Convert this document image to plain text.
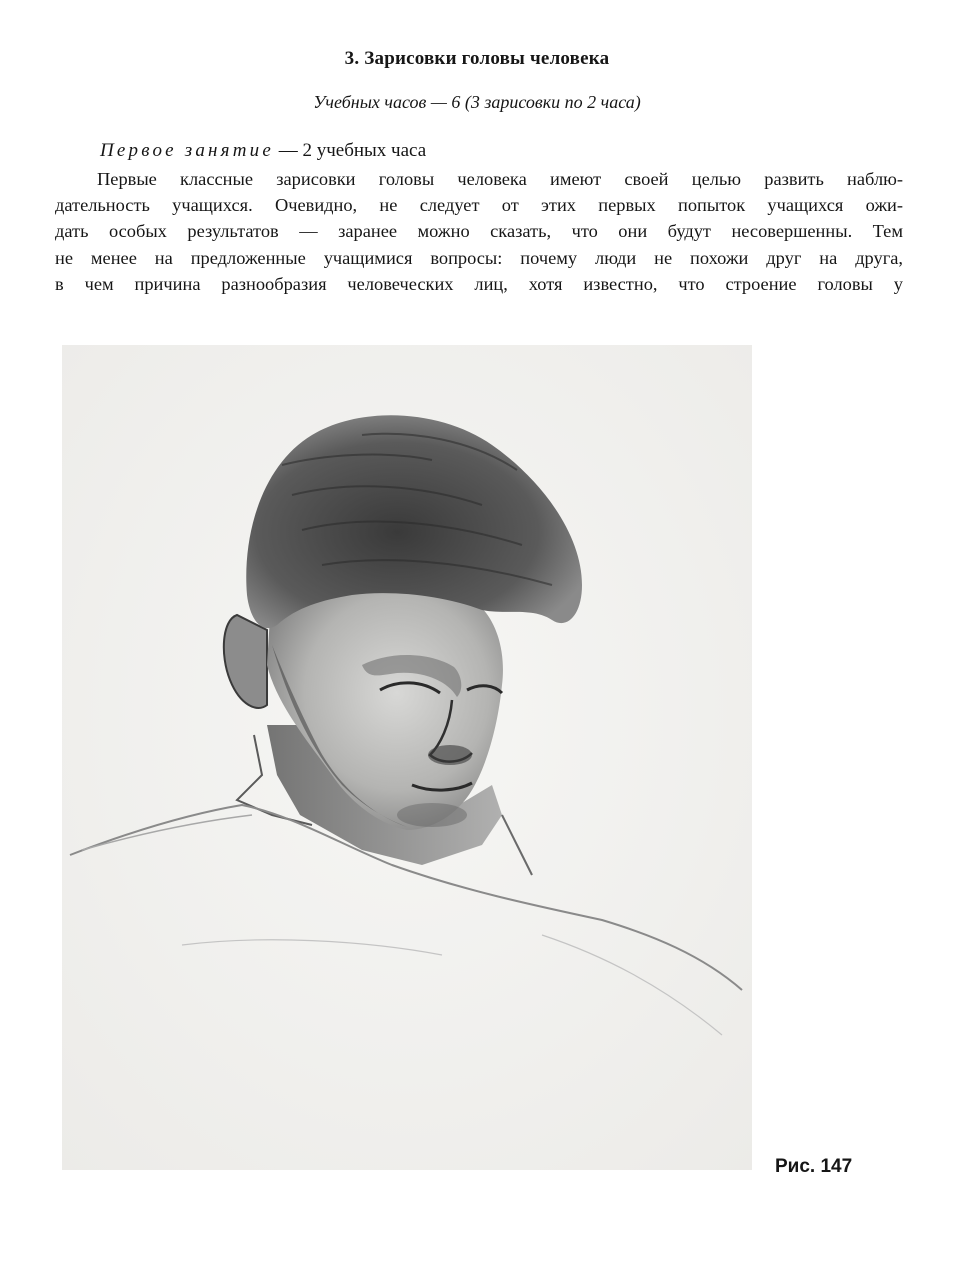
3. Зарисовки головы человека
Учебных часов — 6 (3 зарисовки по 2 часа)
Первое занятие — 2 учебных часа
Первые классные зарисовки головы человека имеют своей целью развить наблю-
дательность учащихся. Очевидно, не следует от этих первых попыток учащихся ожи-
дать особых результатов — заранее можно сказать, что они будут несовершенны. Тем
не менее на предложенные учащимися вопросы: почему люди не похожи друг на друга,
в чем причина разнообразия человеческих лиц, хотя известно, что строение головы у
Рис. 147
